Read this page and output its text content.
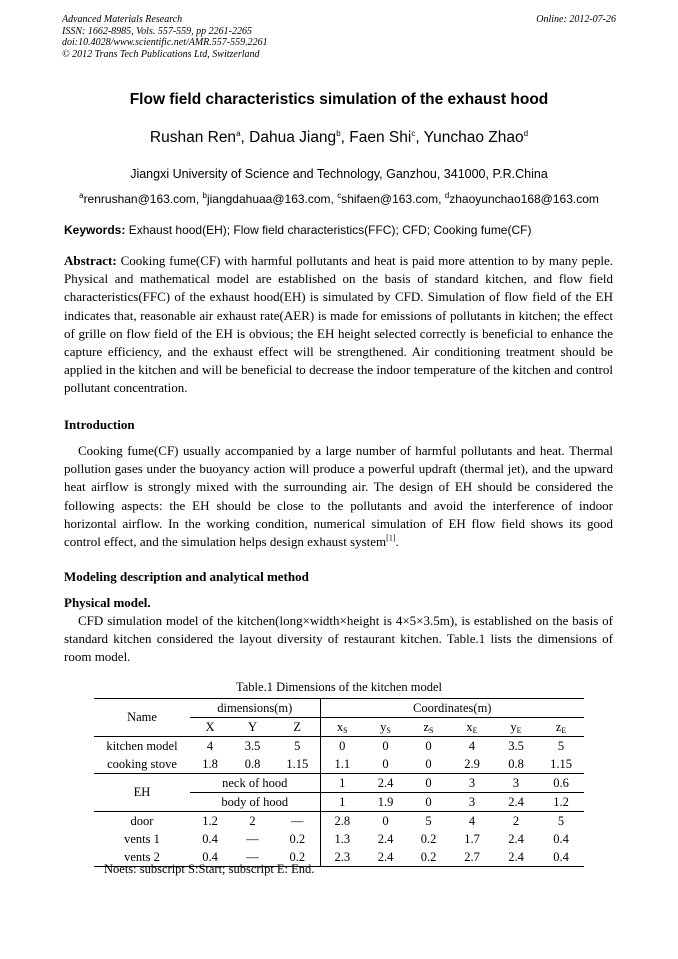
Advanced Materials Research
ISSN: 1662-8985, Vols. 557-559, pp 2261-2265
doi:10.4028/www.scientific.net/AMR.557-559.2261
© 2012 Trans Tech Publications Ltd, Switzerland
Online: 2012-07-26
Flow field characteristics simulation of the exhaust hood
Rushan Ren$^a$, Dahua Jiang$^b$, Faen Shi$^c$, Yunchao Zhao$^d$
Jiangxi University of Science and Technology, Ganzhou, 341000, P.R.China
$^a$renrushan@163.com, $^b$jiangdahuaa@163.com, $^c$shifaen@163.com, $^d$zhaoyunchao168@163.com
Keywords: Exhaust hood(EH); Flow field characteristics(FFC); CFD; Cooking fume(CF)
Abstract: Cooking fume(CF) with harmful pollutants and heat is paid more attention to by many peple. Physical and mathematical model are established on the basis of standard kitchen, and flow field characteristics(FFC) of the exhaust hood(EH) is simulated by CFD. Simulation of flow field of the EH indicates that, reasonable air exhaust rate(AER) is made for emissions of pollutants in kitchen; the effect of grille on flow field of the EH is obvious; the EH height selected correctly is beneficial to enhance the capture efficiency, and the exhaust effect will be strengthened. Air conditioning treatment should be applied in the kitchen and will be beneficial to decrease the indoor temperature of the kitchen and control pollutant concentration.
Introduction
Cooking fume(CF) usually accompanied by a large number of harmful pollutants and heat. Thermal pollution gases under the buoyancy action will produce a powerful updraft (thermal jet), and the upward heat airflow is strongly mixed with the surrounding air. The design of EH should be considered the following aspects: the EH should be close to the pollutants and avoid the interference of indoor horizontal airflow. In the working condition, numerical simulation of EH flow field shows its good control effect, and the simulation helps design exhaust system[1].
Modeling description and analytical method
Physical model.
CFD simulation model of the kitchen(long×width×height is 4×5×3.5m), is established on the basis of standard kitchen considered the layout diversity of restaurant kitchen. Table.1 lists the dimensions of room model.
Table.1 Dimensions of the kitchen model
Name	dimensions(m)			Coordinates(m)					
	X	Y	Z	xS	yS	zS	xE	yE	zE
kitchen model	4	3.5	5	0	0	0	4	3.5	5
cooking stove	1.8	0.8	1.15	1.1	0	0	2.9	0.8	1.15
EH	neck of hood			1	2.4	0	3	3	0.6
	body of hood			1	1.9	0	3	2.4	1.2
door	1.2	2	—	2.8	0	5	4	2	5
vents 1	0.4	—	0.2	1.3	2.4	0.2	1.7	2.4	0.4
vents 2	0.4	—	0.2	2.3	2.4	0.2	2.7	2.4	0.4
Noets: subscript S:Start; subscript E: End.
